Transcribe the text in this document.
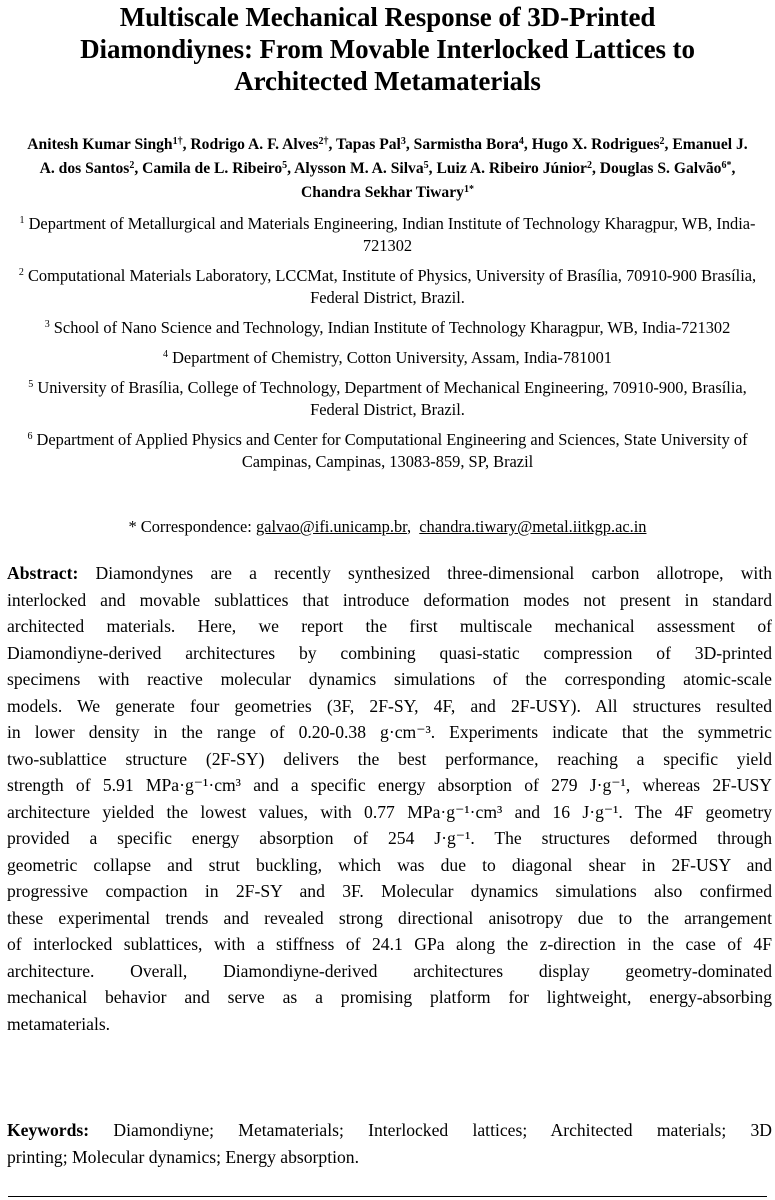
Multiscale Mechanical Response of 3D-Printed
Diamondiynes: From Movable Interlocked Lattices to
Architected Metamaterials
Anitesh Kumar Singh$^{1\dagger}$, Rodrigo A. F. Alves$^{2\dagger}$, Tapas Pal$^3$, Sarmistha Bora$^4$, Hugo X. Rodrigues$^2$, Emanuel J. A. dos Santos$^2$, Camila de L. Ribeiro$^5$, Alysson M. A. Silva$^5$, Luiz A. Ribeiro Júnior$^2$, Douglas S. Galvão$^{6*}$, Chandra Sekhar Tiwary$^{1*}$
$^1$ Department of Metallurgical and Materials Engineering, Indian Institute of Technology Kharagpur, WB, India-721302
$^2$ Computational Materials Laboratory, LCCMat, Institute of Physics, University of Brasília, 70910-900 Brasília, Federal District, Brazil.
$^3$ School of Nano Science and Technology, Indian Institute of Technology Kharagpur, WB, India-721302
$^4$ Department of Chemistry, Cotton University, Assam, India-781001
$^5$ University of Brasília, College of Technology, Department of Mechanical Engineering, 70910-900, Brasília, Federal District, Brazil.
$^6$ Department of Applied Physics and Center for Computational Engineering and Sciences, State University of Campinas, Campinas, 13083-859, SP, Brazil
* Correspondence: galvao@ifi.unicamp.br, chandra.tiwary@metal.iitkgp.ac.in
Abstract: Diamondynes are a recently synthesized three-dimensional carbon allotrope, with
interlocked and movable sublattices that introduce deformation modes not present in standard
architected materials. Here, we report the first multiscale mechanical assessment of
Diamondiyne-derived architectures by combining quasi-static compression of 3D-printed
specimens with reactive molecular dynamics simulations of the corresponding atomic-scale
models. We generate four geometries (3F, 2F-SY, 4F, and 2F-USY). All structures resulted
in lower density in the range of 0.20-0.38 g·cm⁻³. Experiments indicate that the symmetric
two-sublattice structure (2F-SY) delivers the best performance, reaching a specific yield
strength of 5.91 MPa·g⁻¹·cm³ and a specific energy absorption of 279 J·g⁻¹, whereas 2F-USY
architecture yielded the lowest values, with 0.77 MPa·g⁻¹·cm³ and 16 J·g⁻¹. The 4F geometry
provided a specific energy absorption of 254 J·g⁻¹. The structures deformed through
geometric collapse and strut buckling, which was due to diagonal shear in 2F-USY and
progressive compaction in 2F-SY and 3F. Molecular dynamics simulations also confirmed
these experimental trends and revealed strong directional anisotropy due to the arrangement
of interlocked sublattices, with a stiffness of 24.1 GPa along the z-direction in the case of 4F
architecture. Overall, Diamondiyne-derived architectures display geometry-dominated
mechanical behavior and serve as a promising platform for lightweight, energy-absorbing
metamaterials.
Keywords: Diamondiyne; Metamaterials; Interlocked lattices; Architected materials; 3D
printing; Molecular dynamics; Energy absorption.
